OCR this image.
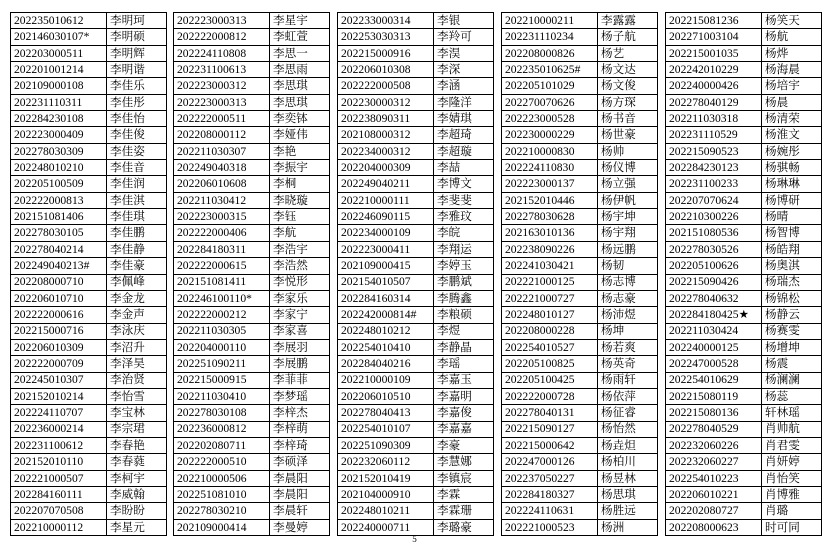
202235010612	李明珂
202146030107*	李明硕
202203000511	李明辉
202201001214	李明谐
202109000108	李佳乐
202231110311	李佳彤
202284230108	李佳怡
202223000409	李佳俊
202278030309	李佳姿
202248010210	李佳音
202205100509	李佳润
202222000813	李佳淇
202151081406	李佳琪
202278030105	李佳鹏
202278040214	李佳静
202249040213#	李佳豪
202208000710	李佩峰
202206010710	李金龙
202222000616	李金声
202215000716	李泳庆
202206010309	李沼升
202222000709	李泽昊
202245010307	李治贤
202152010214	李怡雪
202224110707	李宝林
202236000214	李宗珺
202231100612	李春艳
202152010110	李春蕤
202221000507	李柯宇
202284160111	李威翰
202207070508	李盼盼
202210000112	李星元
202223000313	李星宇
202222000812	李虹萱
202224110808	李思一
202231100613	李思雨
202223000312	李思琪
202223000313	李思琪
202222000511	李奕钵
202208000112	李娅伟
202211030307	李艳
202249040318	李振宇
202206010608	李桐
202211030412	李晓璇
202223000315	李钰
202222000406	李航
202284180311	李浩宇
202222000615	李浩然
202151081411	李悦形
202246100110*	李家乐
202222000212	李家宁
202211030305	李家喜
202204000110	李展羽
202251090211	李展鹏
202215000915	李菲菲
202211030410	李梦瑶
202278030108	李梓杰
202236000812	李梓萌
202202080711	李梓琦
202222000510	李硕泽
202210000506	李晨阳
202251081010	李晨阳
202278030210	李晨轩
202109000414	李曼婷
202233000314	李银
202253030313	李羚可
202215000916	李淏
202206010308	李深
202222000508	李涵
202230000312	李隆洋
202238090311	李婧琪
202108000312	李超琦
202234000312	李超璇
202204000309	李喆
202249040211	李博文
202210000111	李斐斐
202246090115	李雅玟
202234000109	李皖
202223000411	李翔运
202109000415	李婷玉
202154010507	李鹏斌
202284160314	李腾鑫
202242000814#	李粮硕
202248010212	李煜
202254010410	李静晶
202284040216	李瑶
202210000109	李嘉玉
202206010510	李嘉明
202278040413	李嘉俊
202254010107	李嘉嘉
202251090309	李豪
202232060112	李慧娜
202152010419	李镇宸
202104000910	李霖
202248010211	李霖珊
202240000711	李璐豪
202210000211	李露露
202231110234	杨子航
202208000826	杨艺
202235010625#	杨文达
202205101029	杨文俊
202270070626	杨方琛
202223000528	杨书音
202230000229	杨世豪
202210000830	杨帅
202224110830	杨仪博
202223000137	杨立强
202152010446	杨伊帆
202278030628	杨宇坤
202163010136	杨宇翔
202238090226	杨远鹏
202241030421	杨韧
202221000125	杨志博
202221000727	杨志豪
202248010127	杨沛煜
202208000228	杨坤
202254010527	杨若爽
202205100825	杨英奇
202205100425	杨雨轩
202222000728	杨依萍
202278040131	杨征睿
202215090127	杨怡然
202215000642	杨垚炟
202247000126	杨柏川
202237050227	杨昱林
202284180327	杨思琪
202224110631	杨胜远
202221000523	杨洲
202215081236	杨笑天
202271003104	杨航
202215001035	杨烨
202242010229	杨海晨
202240000426	杨培宇
202278040129	杨晨
202211030318	杨清荣
202231110529	杨淮文
202215090523	杨婉彤
202284230123	杨骐畅
202231100233	杨琳琳
202207070624	杨博研
202210300226	杨晴
202151080536	杨智博
202278030526	杨皓翔
202205100626	杨奥淇
202215090426	杨瑞杰
202278040632	杨锦松
202284180425★	杨静云
202211030424	杨赛雯
202240000125	杨增坤
202247000528	杨震
202254010629	杨澜澜
202215080119	杨蕊
202215080136	轩林瑶
202278040529	肖帅航
202232060226	肖君雯
202232060227	肖妍婷
202254010223	肖怡笑
202206010221	肖博雅
202202080727	肖璐
202208000623	时可同
5
